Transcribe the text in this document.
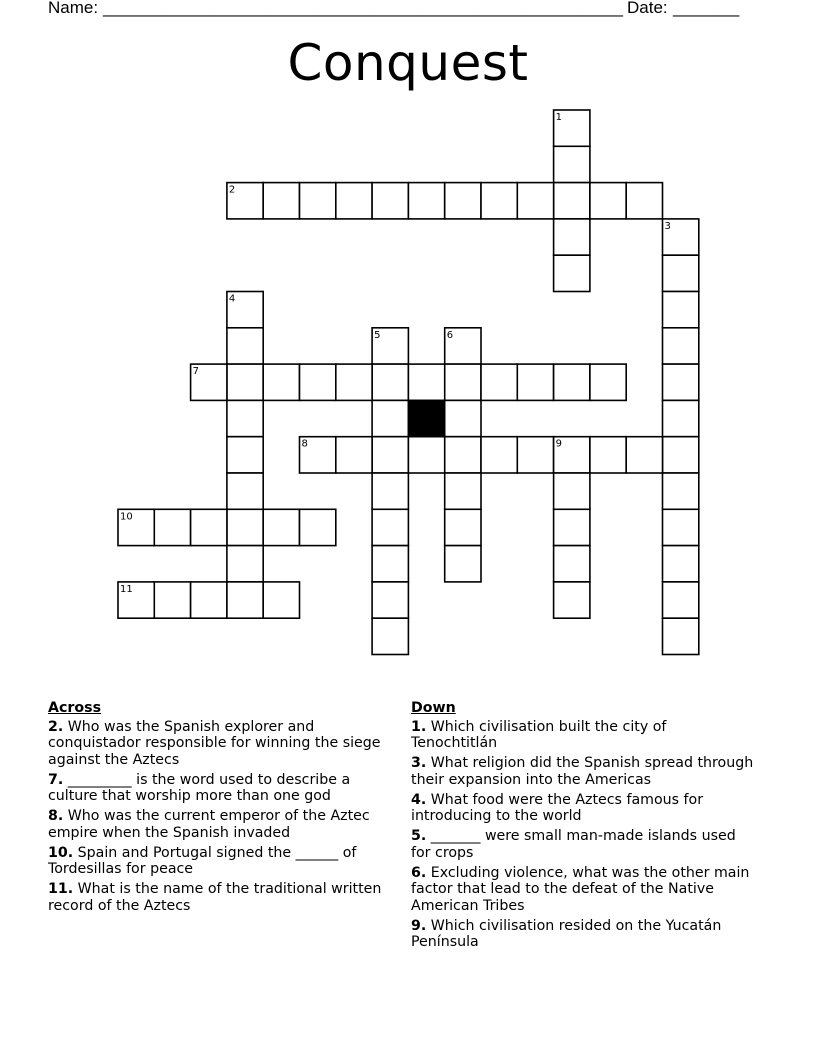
Name: _______________________________________________________ Date: _______
Conquest
1
2
3
4
5	6
7
8	9
10
11
Across
2. Who was the Spanish explorer and conquistador responsible for winning the siege against the Aztecs
7. _________ is the word used to describe a culture that worship more than one god
8. Who was the current emperor of the Aztec empire when the Spanish invaded
10. Spain and Portugal signed the ______ of Tordesillas for peace
11. What is the name of the traditional written record of the Aztecs
Down
1. Which civilisation built the city of Tenochtitlán
3. What religion did the Spanish spread through their expansion into the Americas
4. What food were the Aztecs famous for introducing to the world
5. _______ were small man-made islands used for crops
6. Excluding violence, what was the other main factor that lead to the defeat of the Native American Tribes
9. Which civilisation resided on the Yucatán Península
